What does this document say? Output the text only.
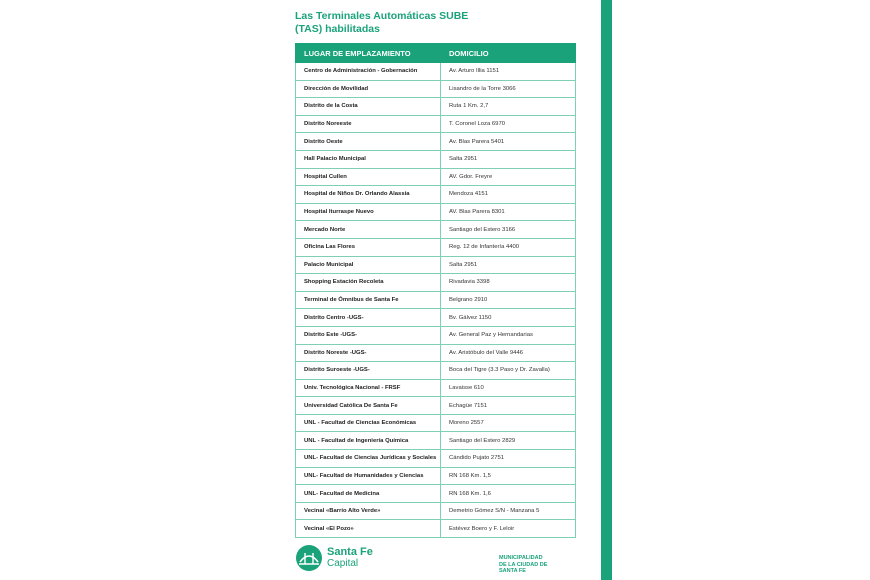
Las Terminales Automáticas SUBE
(TAS) habilitadas
LUGAR DE EMPLAZAMIENTO	DOMICILIO
Centro de Administración - Gobernación	Av. Arturo Illia 1151
Dirección de Movilidad	Lisandro de la Torre 3066
Distrito de la Costa	Ruta 1 Km. 2,7
Distrito Noreeste	T. Coronel Loza 6970
Distrito Oeste	Av. Blas Parera 5401
Hall Palacio Municipal	Salta 2951
Hospital Cullen	AV. Gdor. Freyre
Hospital de Niños Dr. Orlando Alassia	Mendoza 4151
Hospital Iturraspe Nuevo	AV. Blas Parera 8301
Mercado Norte	Santiago del Estero 3166
Oficina Las Flores	Reg. 12 de Infantería 4400
Palacio Municipal	Salta 2951
Shopping Estación Recoleta	Rivadavia 3398
Terminal de Ómnibus de Santa Fe	Belgrano 2910
Distrito Centro -UGS-	Bv. Gálvez 1150
Distrito Este -UGS-	Av. General Paz y Hernandarias
Distrito Noreste -UGS-	Av. Aristóbulo del Valle 9446
Distrito Suroeste -UGS-	Boca del Tigre (3.3 Paso y Dr. Zavalla)
Univ. Tecnológica Nacional - FRSF	Lavaisse 610
Universidad Católica De Santa Fe	Echagüe 7151
UNL - Facultad de Ciencias Económicas	Moreno 2557
UNL - Facultad de Ingeniería Química	Santiago del Estero 2829
UNL- Facultad de Ciencias Jurídicas y Sociales	Cándido Pujato 2751
UNL- Facultad de Humanidades y Ciencias	RN 168 Km. 1,5
UNL- Facultad de Medicina	RN 168 Km. 1,6
Vecinal «Barrio Alto Verde»	Demetrio Gómez S/N - Manzana 5
Vecinal «El Pozo»	Estévez Boero y F. Leloir
Santa Fe
Capital	MUNICIPALIDAD
DE LA CIUDAD DE
SANTA FE
